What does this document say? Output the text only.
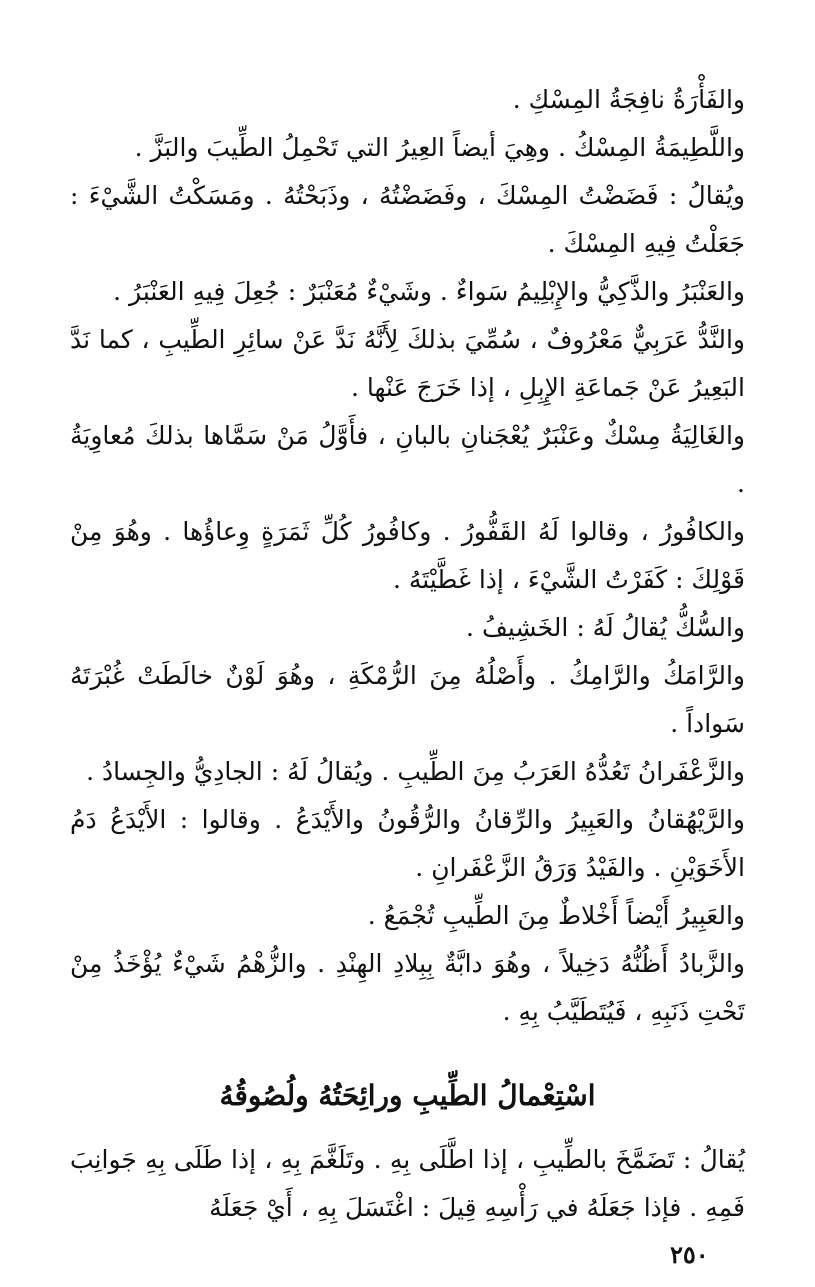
والفَأْرَةُ نافِجَةُ المِسْكِ .

واللَّطِيمَةُ المِسْكُ . وهِيَ أيضاً العِيرُ التي تَحْمِلُ الطِّيبَ والبَزَّ .

ويُقالُ : فَضَضْتُ المِسْكَ ، وفَضَضْتُهُ ، وذَبَحْتُهُ . ومَسَكْتُ الشَّيْءَ : جَعَلْتُ فِيهِ المِسْكَ .

والعَنْبَرُ والذَّكِيُّ والإِبْلِيمُ سَواءٌ . وشَيْءٌ مُعَنْبَرٌ : جُعِلَ فِيهِ العَنْبَرُ .

والنَّدُّ عَرَبِيٌّ مَعْرُوفٌ ، سُمِّيَ بذلكَ لِأَنَّهُ نَدَّ عَنْ سائِرِ الطِّيبِ ، كما نَدَّ البَعِيرُ عَنْ جَماعَةِ الإِبِلِ ، إذا خَرَجَ عَنْها .

والغَالِيَةُ مِسْكٌ وعَنْبَرٌ يُعْجَنانِ بالبانِ ، فأَوَّلُ مَنْ سَمَّاها بذلكَ مُعاوِيَةُ .

والكافُورُ ، وقالوا لَهُ القَفُّورُ . وكافُورُ كُلِّ ثَمَرَةٍ وِعاؤُها . وهُوَ مِنْ قَوْلِكَ : كَفَرْتُ الشَّيْءَ ، إذا غَطَّيْتَهُ .

والسُّكُّ يُقالُ لَهُ : الخَشِيفُ .

والرَّامَكُ والرَّامِكُ . وأَصْلُهُ مِنَ الرُّمْكَةِ ، وهُوَ لَوْنٌ خالَطَتْ غُبْرَتَهُ سَواداً .

والزَّعْفَرانُ تَعُدُّهُ العَرَبُ مِنَ الطِّيبِ . ويُقالُ لَهُ : الجادِيُّ والجِسادُ .

والرَّيْهُقانُ والعَبِيرُ والرِّقانُ والرُّقُونُ والأَيْدَعُ . وقالوا : الأَيْدَعُ دَمُ الأَخَوَيْنِ . والفَيْدُ وَرَقُ الزَّعْفَرانِ .

والعَبِيرُ أَيْضاً أَخْلاطٌ مِنَ الطِّيبِ تُجْمَعُ .

والزَّبادُ أَظُنُّهُ دَخِيلاً ، وهُوَ دابَّةٌ بِبِلادِ الهِنْدِ . والزُّهْمُ شَيْءٌ يُؤْخَذُ مِنْ تَحْتِ ذَنَبِهِ ، فَيُتَطَيَّبُ بِهِ .

اسْتِعْمالُ الطِّيبِ ورائِحَتُهُ ولُصُوقُهُ

يُقالُ : تَضَمَّخَ بالطِّيبِ ، إذا اطَّلَى بِهِ . وتَلَغَّمَ بِهِ ، إذا طَلَى بِهِ جَوانِبَ فَمِهِ . فإذا جَعَلَهُ في رَأْسِهِ قِيلَ : اغْتَسَلَ بِهِ ، أَيْ جَعَلَهُ

٢٥٠
